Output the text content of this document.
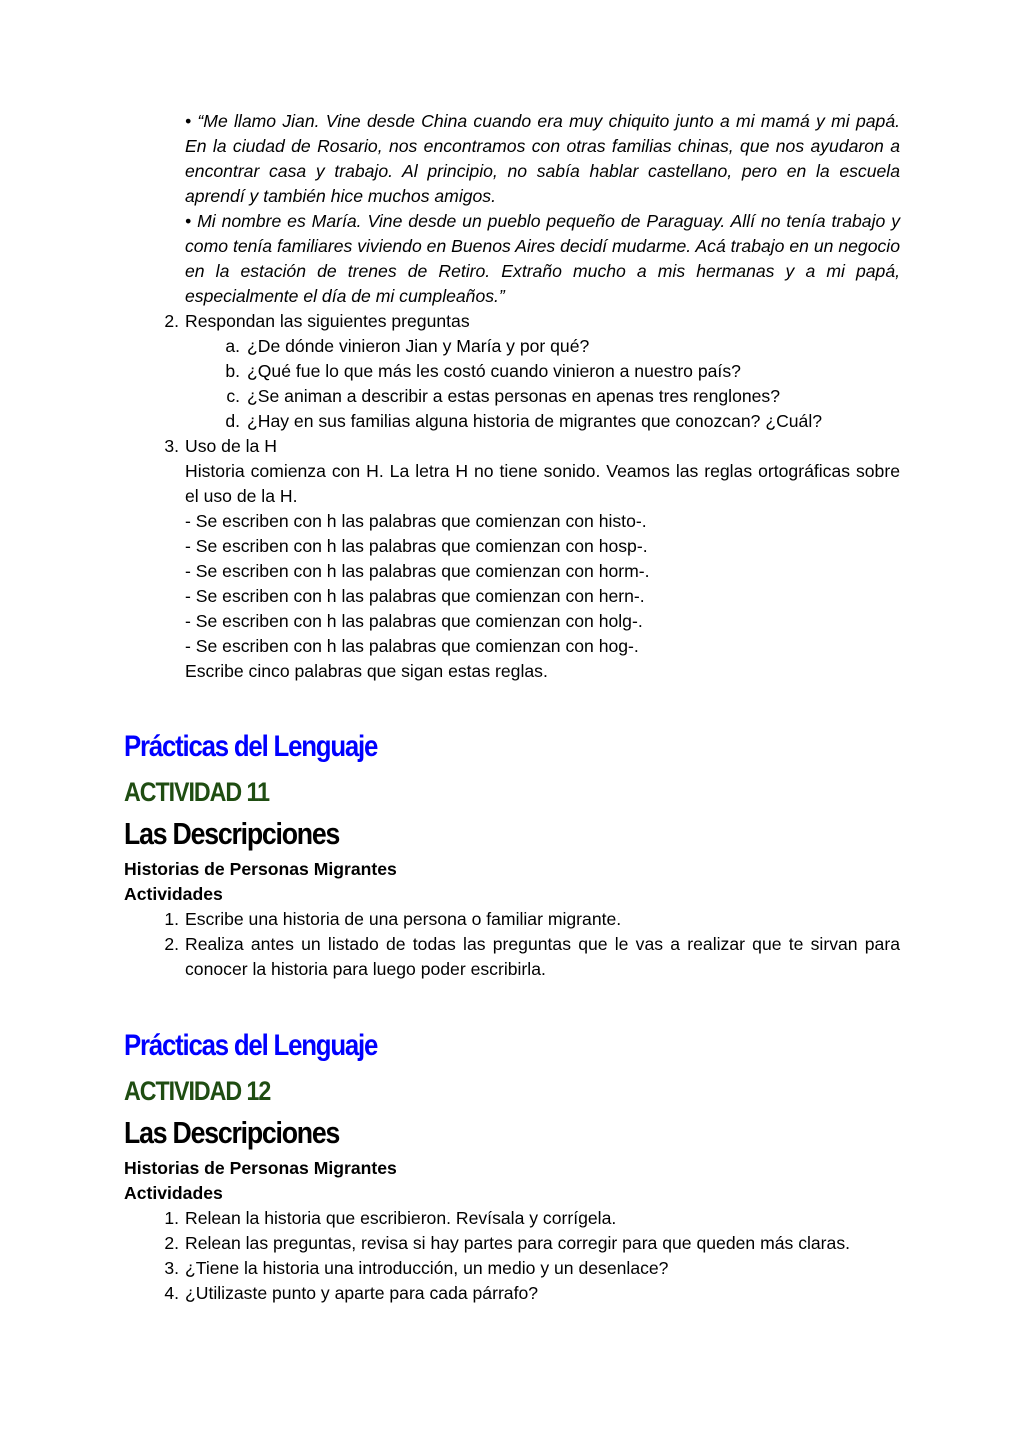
• “Me llamo Jian. Vine desde China cuando era muy chiquito junto a mi mamá y mi papá. En la ciudad de Rosario, nos encontramos con otras familias chinas, que nos ayudaron a encontrar casa y trabajo. Al principio, no sabía hablar castellano, pero en la escuela aprendí y también hice muchos amigos.

• Mi nombre es María. Vine desde un pueblo pequeño de Paraguay. Allí no tenía trabajo y como tenía familiares viviendo en Buenos Aires decidí mudarme. Acá trabajo en un negocio en la estación de trenes de Retiro. Extraño mucho a mis hermanas y a mi papá, especialmente el día de mi cumpleaños.”

2. Respondan las siguientes preguntas
a. ¿De dónde vinieron Jian y María y por qué?
b. ¿Qué fue lo que más les costó cuando vinieron a nuestro país?
c. ¿Se animan a describir a estas personas en apenas tres renglones?
d. ¿Hay en sus familias alguna historia de migrantes que conozcan? ¿Cuál?
3. Uso de la H

Historia comienza con H. La letra H no tiene sonido. Veamos las reglas ortográficas sobre el uso de la H.

- Se escriben con h las palabras que comienzan con histo-.
- Se escriben con h las palabras que comienzan con hosp-.
- Se escriben con h las palabras que comienzan con horm-.
- Se escriben con h las palabras que comienzan con hern-.
- Se escriben con h las palabras que comienzan con holg-.
- Se escriben con h las palabras que comienzan con hog-.
Escribe cinco palabras que sigan estas reglas.
Prácticas del Lenguaje
ACTIVIDAD 11
Las Descripciones
Historias de Personas Migrantes
Actividades
1. Escribe una historia de una persona o familiar migrante.
2. Realiza antes un listado de todas las preguntas que le vas a realizar que te sirvan para conocer la historia para luego poder escribirla.
Prácticas del Lenguaje
ACTIVIDAD 12
Las Descripciones
Historias de Personas Migrantes
Actividades
1. Relean la historia que escribieron. Revísala y corrígela.
2. Relean las preguntas, revisa si hay partes para corregir para que queden más claras.
3. ¿Tiene la historia una introducción, un medio y un desenlace?
4. ¿Utilizaste punto y aparte para cada párrafo?
